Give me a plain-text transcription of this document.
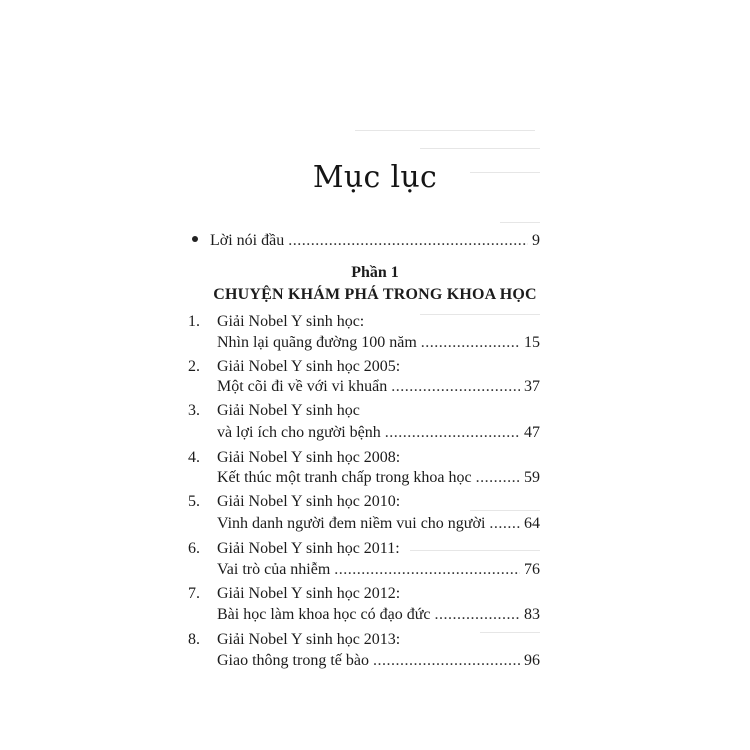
Mục lục
Lời nói đầu .....	9
Phần 1
CHUYỆN KHÁM PHÁ TRONG KHOA HỌC
1.	Giải Nobel Y sinh học:
Nhìn lại quãng đường 100 năm .....	15
2.	Giải Nobel Y sinh học 2005:
Một cõi đi về với vi khuẩn .....	37
3.	Giải Nobel Y sinh học
và lợi ích cho người bệnh .....	47
4.	Giải Nobel Y sinh học 2008:
Kết thúc một tranh chấp trong khoa học .....	59
5.	Giải Nobel Y sinh học 2010:
Vinh danh người đem niềm vui cho người ..... 64
6.	Giải Nobel Y sinh học 2011:
Vai trò của nhiễm .....	76
7.	Giải Nobel Y sinh học 2012:
Bài học làm khoa học có đạo đức .....	83
8.	Giải Nobel Y sinh học 2013:
Giao thông trong tế bào .....	96
